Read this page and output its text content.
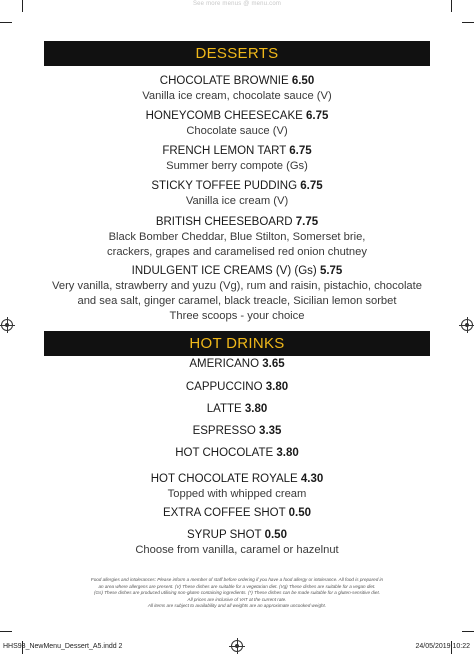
See more menus @ menu.com
DESSERTS
CHOCOLATE BROWNIE 6.50
Vanilla ice cream, chocolate sauce (V)
HONEYCOMB CHEESECAKE 6.75
Chocolate sauce (V)
FRENCH LEMON TART 6.75
Summer berry compote (Gs)
STICKY TOFFEE PUDDING 6.75
Vanilla ice cream (V)
BRITISH CHEESEBOARD 7.75
Black Bomber Cheddar, Blue Stilton, Somerset brie,
crackers, grapes and caramelised red onion chutney
INDULGENT ICE CREAMS (V) (Gs) 5.75
Very vanilla, strawberry and yuzu (Vg), rum and raisin, pistachio, chocolate
and sea salt, ginger caramel, black treacle, Sicilian lemon sorbet
Three scoops - your choice
HOT DRINKS
AMERICANO 3.65
CAPPUCCINO 3.80
LATTE 3.80
ESPRESSO 3.35
HOT CHOCOLATE 3.80
HOT CHOCOLATE ROYALE 4.30
Topped with whipped cream
EXTRA COFFEE SHOT 0.50
SYRUP SHOT 0.50
Choose from vanilla, caramel or hazelnut
Food allergies and intolerances: Please inform a member of staff before ordering if you have a food allergy or intolerance. All food is prepared in
an area where allergens are present. (V) These dishes are suitable for a vegetarian diet. (Vg) These dishes are suitable for a vegan diet.
(Gs) These dishes are produced utilising non-gluten containing ingredients. (*) These dishes can be made suitable for a gluten-sensitive diet.
All prices are inclusive of VAT at the current rate.
All items are subject to availability and all weights are an approximate uncooked weight.
HHS93_NewMenu_Dessert_A5.indd 2	24/05/2019 10:22
